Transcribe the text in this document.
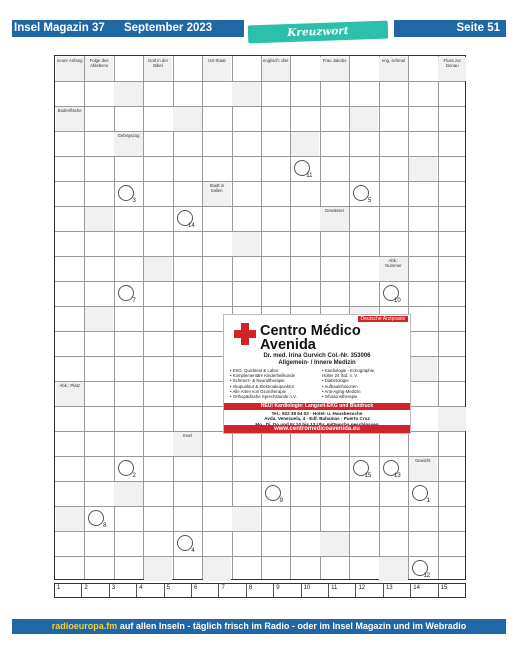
Insel Magazin 37 September 2023	Kreuzwort	Seite 51
neuer Anfang	Folge des Ablebens
Gott in der Bibel
US-Staat	englisch: drei	Frau Jakobs	eng, schmal	Fluss zur Donau
Bodenfläche
Gebirgszug
Stadt in Italien
Gewässer
Abk.: Nummer
Abk.: Platz
Insel
Gewicht
3
14
11
5
7	10
2
9
8
4
13
15
1
12
Deutsche Arztpraxis
Centro Médico
Avenida
Dr. med. Irina Gurvich Col.-Nr. 353006
Allgemein- / Innere Medizin
• EKG, Quicktest & Labor
• Komplementäre Kinderheilkunde
• Schmerz- & Neuraltherapie
• Akupunktur & Elektroakupunktur
• Alle Arten von Ozontherapie
• Orthopädische Sprechstunde n.V.
• Kardiologie - Echographie,
Holter 24 Std. n. V.
• Diabetologie
• Aufbauinfusionen
• Anti-Aging-Medizin
• Infusionstherapie
NEU! Kardiologie: Langzeit-EKG und Blutdruck
Tel.: 922 38 64 02 · Hotel- u. Hausbesuche
Avda. Venezuela, 4 · Edf. Bahamas · Puerto Cruz
www.centromedicoavenida.eu
1	2	3	4	5	6	7	8	9	10	11	12	13	14	15
radioeuropa.fm auf allen Inseln - täglich frisch im Radio - oder im Insel Magazin und im Webradio
